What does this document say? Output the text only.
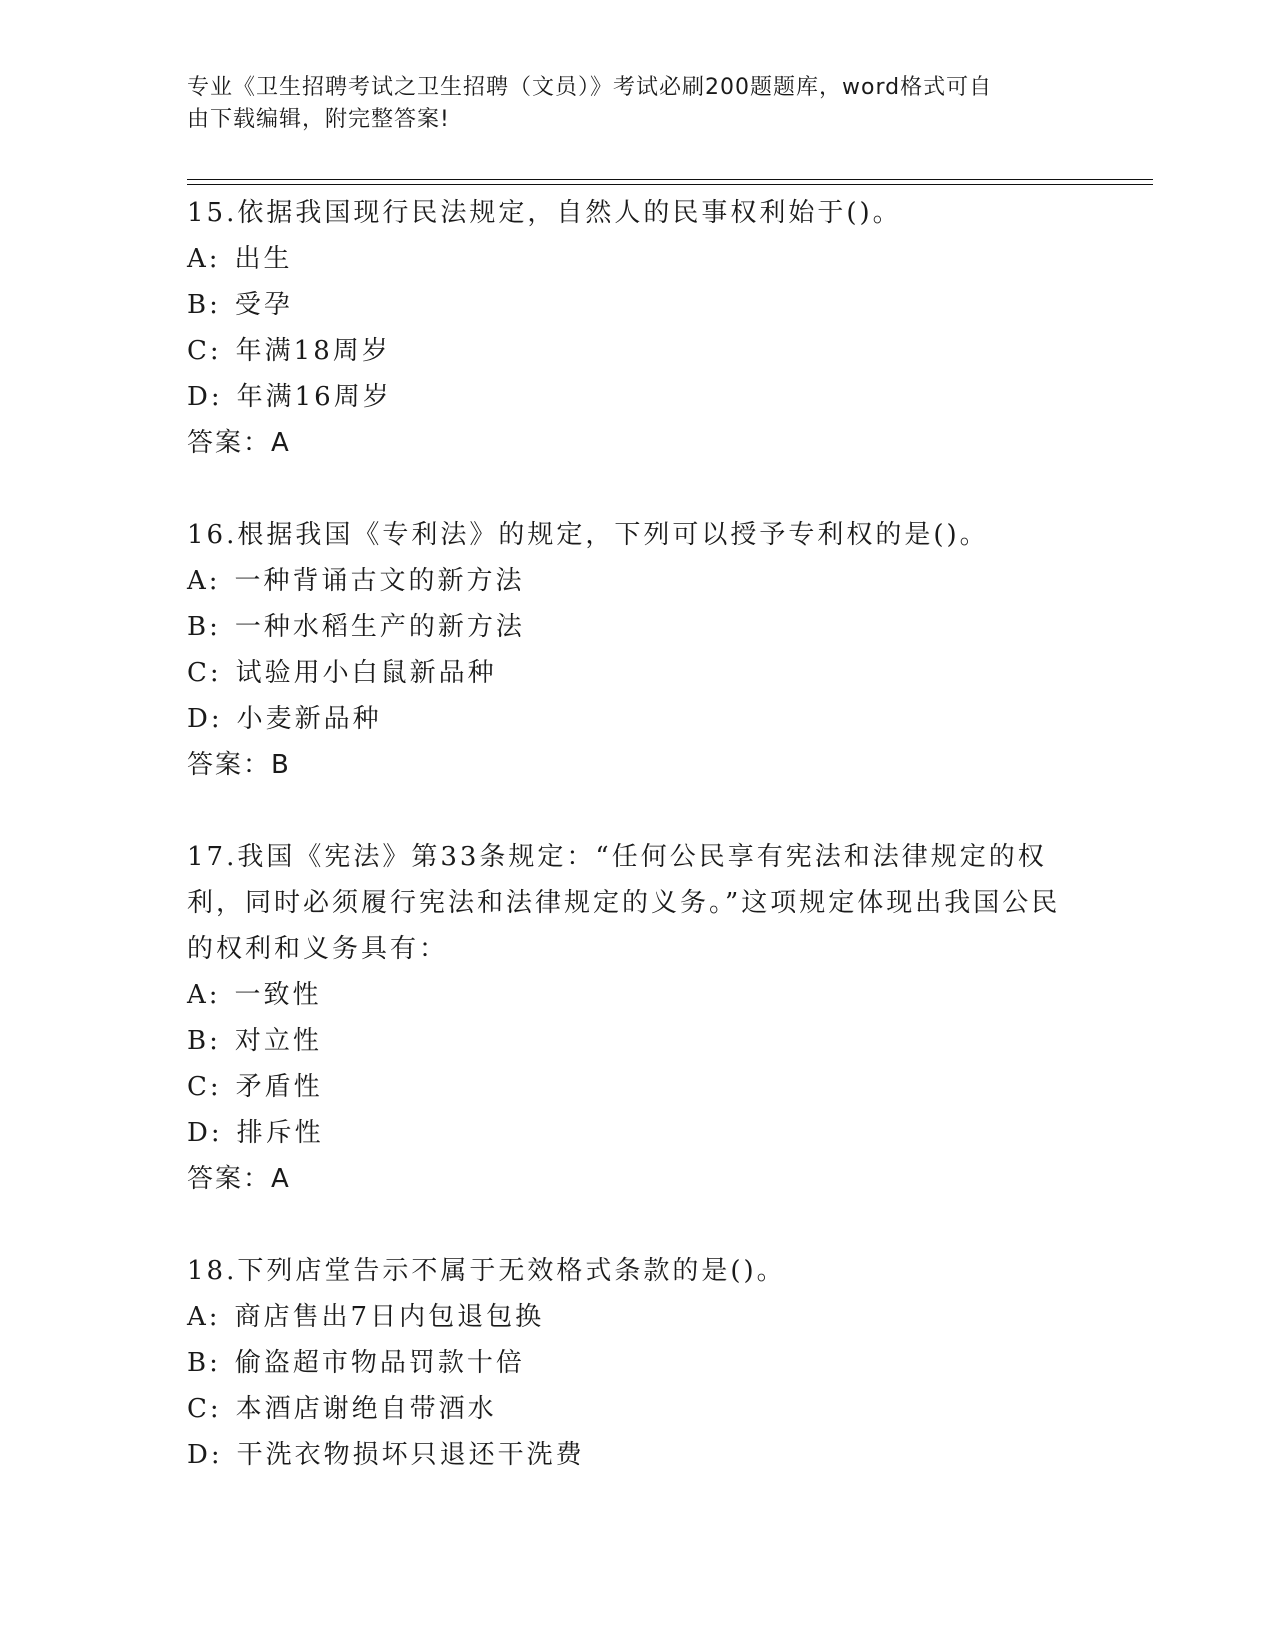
专业《卫生招聘考试之卫生招聘（文员）》考试必刷200题题库，word格式可自
由下载编辑，附完整答案!

15.依据我国现行民法规定，自然人的民事权利始于()。

A: 出生

B: 受孕

C: 年满18周岁

D: 年满16周岁

答案：A

16.根据我国《专利法》的规定，下列可以授予专利权的是()。

A: 一种背诵古文的新方法

B: 一种水稻生产的新方法

C: 试验用小白鼠新品种

D: 小麦新品种

答案：B

17.我国《宪法》第33条规定：“任何公民享有宪法和法律规定的权利，同时必须履行宪法和法律规定的义务。”这项规定体现出我国公民的权利和义务具有：

A: 一致性

B: 对立性

C: 矛盾性

D: 排斥性

答案：A

18.下列店堂告示不属于无效格式条款的是()。

A: 商店售出7日内包退包换

B: 偷盗超市物品罚款十倍

C: 本酒店谢绝自带酒水

D: 干洗衣物损坏只退还干洗费
